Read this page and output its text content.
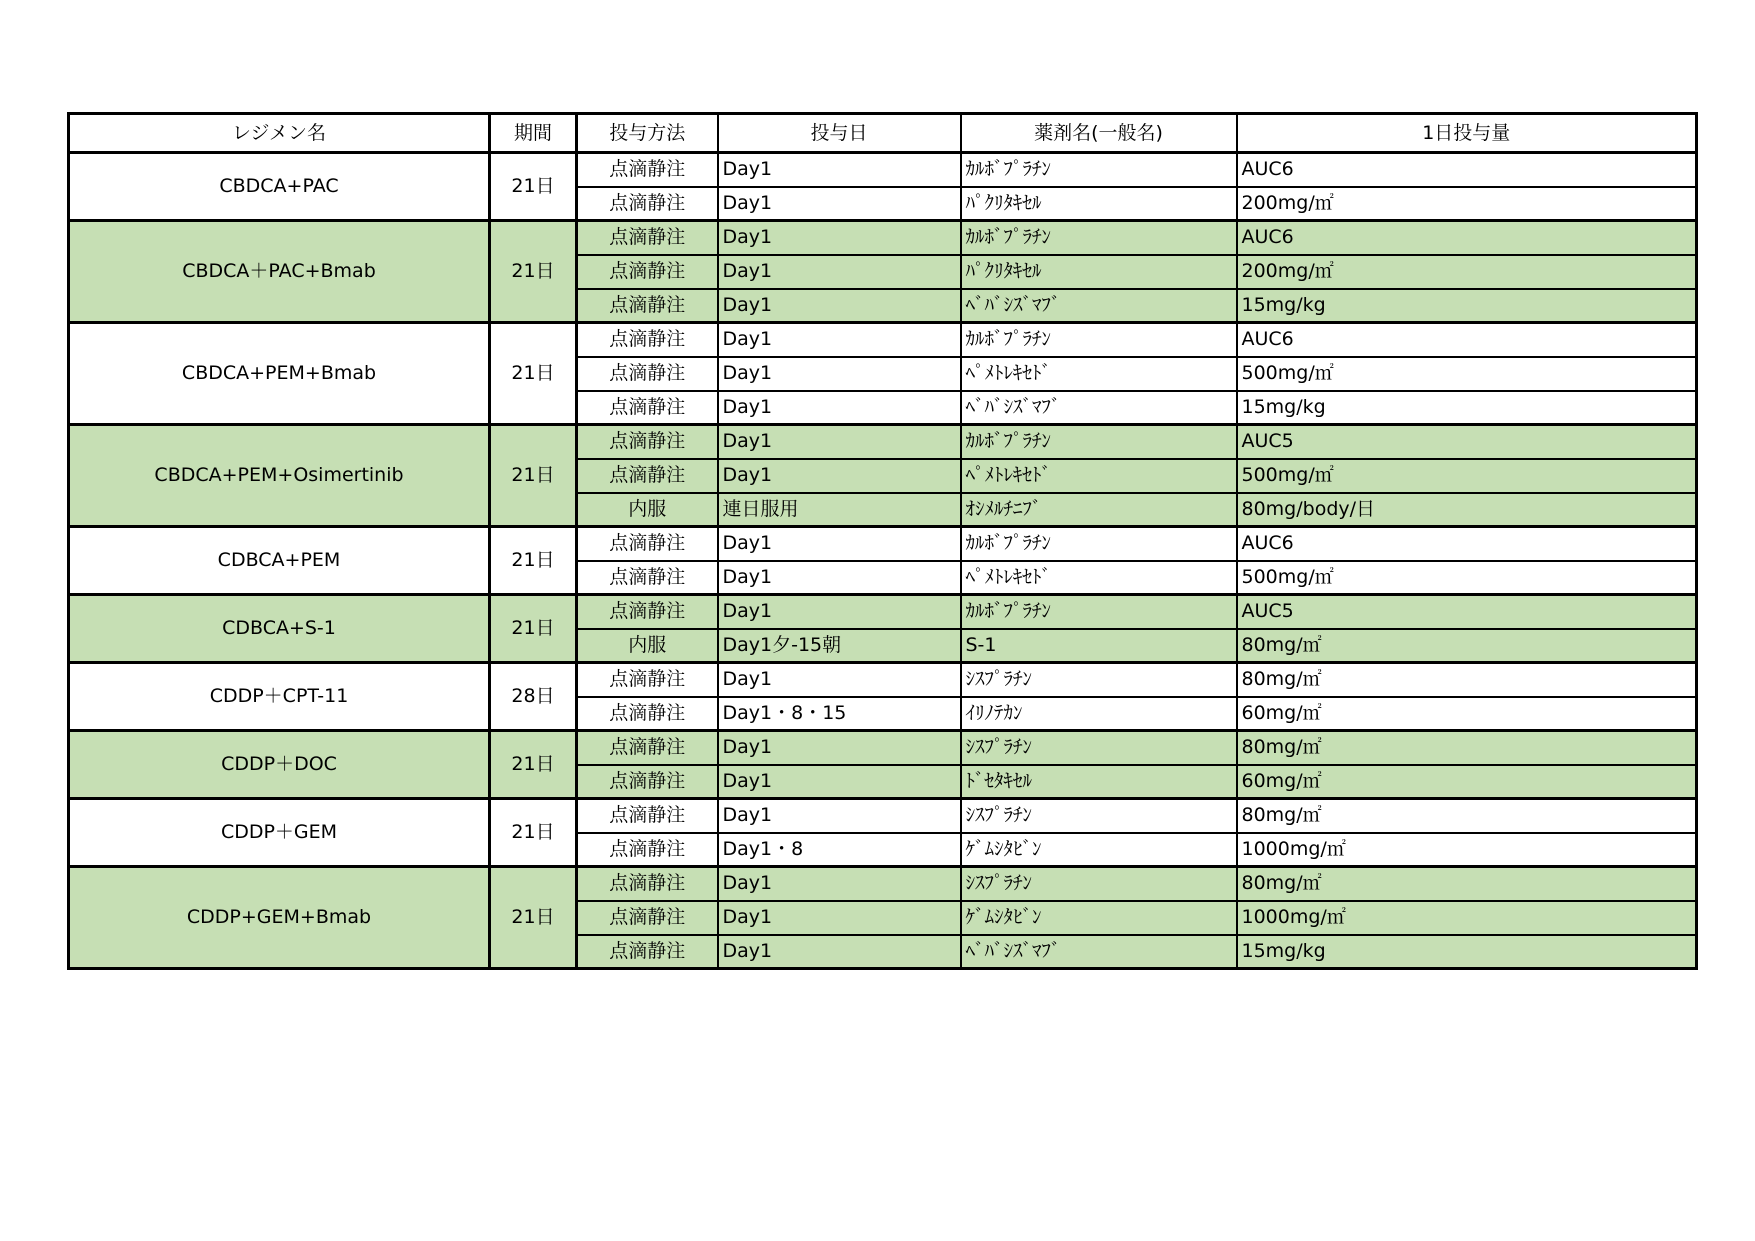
レジメン名	期間	投与方法	投与日	薬剤名(一般名)	1日投与量
CBDCA+PAC	21日	点滴静注	Day1	ｶﾙﾎﾞﾌﾟﾗﾁﾝ	AUC6
		点滴静注	Day1	ﾊﾟｸﾘﾀｷｾﾙ	200mg/㎡
CBDCA＋PAC+Bmab	21日	点滴静注	Day1	ｶﾙﾎﾞﾌﾟﾗﾁﾝ	AUC6
		点滴静注	Day1	ﾊﾟｸﾘﾀｷｾﾙ	200mg/㎡
		点滴静注	Day1	ﾍﾞﾊﾞｼｽﾞﾏﾌﾞ	15mg/kg
CBDCA+PEM+Bmab	21日	点滴静注	Day1	ｶﾙﾎﾞﾌﾟﾗﾁﾝ	AUC6
		点滴静注	Day1	ﾍﾟﾒﾄﾚｷｾﾄﾞ	500mg/㎡
		点滴静注	Day1	ﾍﾞﾊﾞｼｽﾞﾏﾌﾞ	15mg/kg
CBDCA+PEM+Osimertinib	21日	点滴静注	Day1	ｶﾙﾎﾞﾌﾟﾗﾁﾝ	AUC5
		点滴静注	Day1	ﾍﾟﾒﾄﾚｷｾﾄﾞ	500mg/㎡
		内服	連日服用	ｵｼﾒﾙﾁﾆﾌﾞ	80mg/body/日
CDBCA+PEM	21日	点滴静注	Day1	ｶﾙﾎﾞﾌﾟﾗﾁﾝ	AUC6
		点滴静注	Day1	ﾍﾟﾒﾄﾚｷｾﾄﾞ	500mg/㎡
CDBCA+S-1	21日	点滴静注	Day1	ｶﾙﾎﾞﾌﾟﾗﾁﾝ	AUC5
		内服	Day1夕-15朝	S-1	80mg/㎡
CDDP＋CPT-11	28日	点滴静注	Day1	ｼｽﾌﾟﾗﾁﾝ	80mg/㎡
		点滴静注	Day1・8・15	ｲﾘﾉﾃｶﾝ	60mg/㎡
CDDP＋DOC	21日	点滴静注	Day1	ｼｽﾌﾟﾗﾁﾝ	80mg/㎡
		点滴静注	Day1	ﾄﾞｾﾀｷｾﾙ	60mg/㎡
CDDP＋GEM	21日	点滴静注	Day1	ｼｽﾌﾟﾗﾁﾝ	80mg/㎡
		点滴静注	Day1・8	ｹﾞﾑｼﾀﾋﾞﾝ	1000mg/㎡
CDDP+GEM+Bmab	21日	点滴静注	Day1	ｼｽﾌﾟﾗﾁﾝ	80mg/㎡
		点滴静注	Day1	ｹﾞﾑｼﾀﾋﾞﾝ	1000mg/㎡
		点滴静注	Day1	ﾍﾞﾊﾞｼｽﾞﾏﾌﾞ	15mg/kg
